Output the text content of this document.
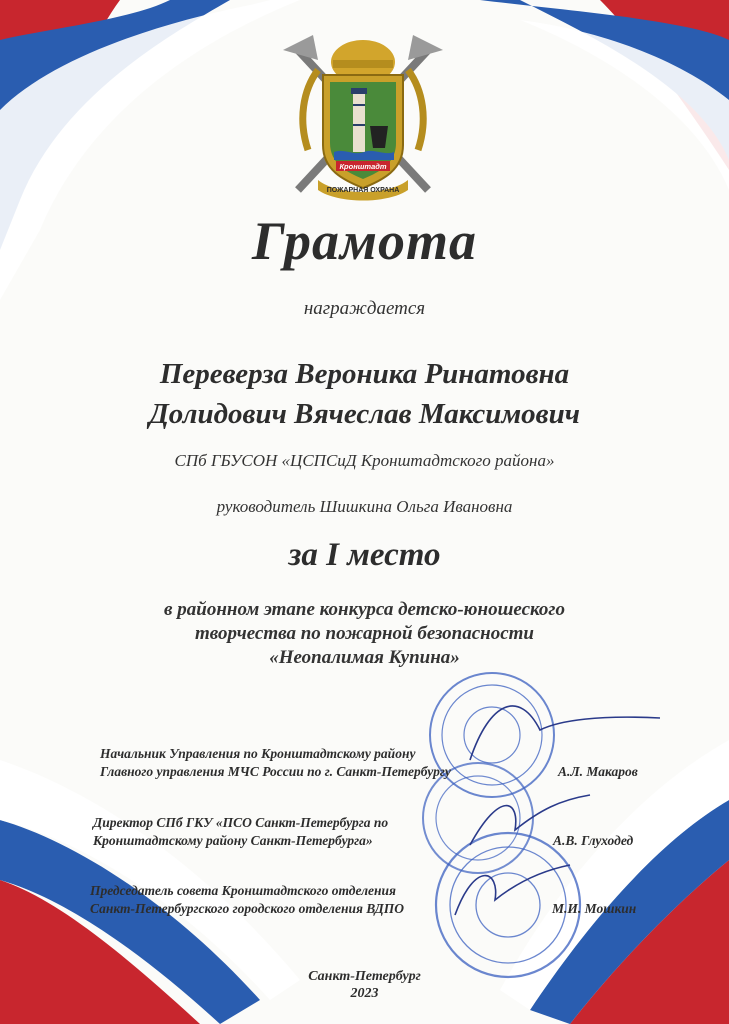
Кронштадт
ПОЖАРНАЯ ОХРАНА
Грамота
награждается
Переверза Вероника Ринатовна
Долидович Вячеслав Максимович
СПб ГБУСОН «ЦСПСиД Кронштадтского района»
руководитель Шишкина Ольга Ивановна
за I место
в районном этапе конкурса детско-юношеского
творчества по пожарной безопасности
«Неопалимая Купина»
Начальник Управления по Кронштадтскому району
Главного управления МЧС России по г. Санкт-Петербургу	А.Л. Макаров
Директор СПб ГКУ «ПСО Санкт-Петербурга по
Кронштадтскому району Санкт-Петербурга»	А.В. Глуходед
Председатель совета Кронштадтского отделения
Санкт-Петербургского городского отделения ВДПО	М.И. Мошкин
Санкт-Петербург
2023
